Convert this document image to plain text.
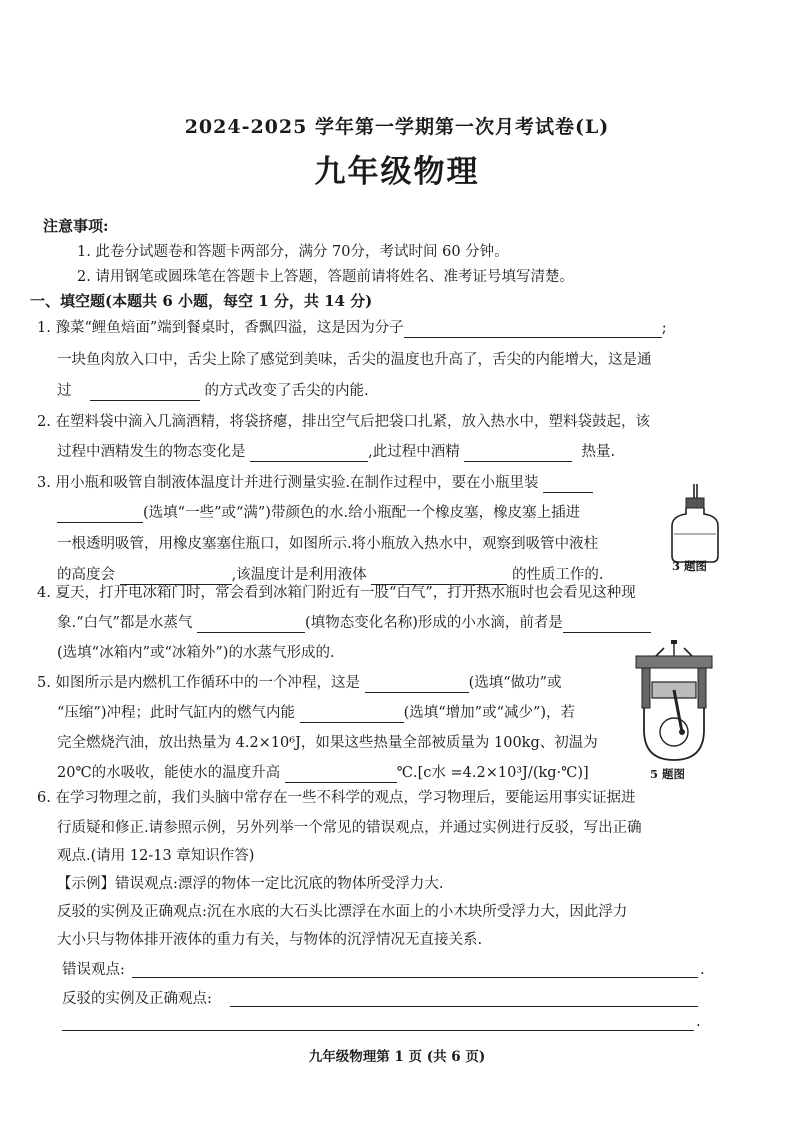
2024-2025 学年第一学期第一次月考试卷(L)
九年级物理
注意事项:
1. 此卷分试题卷和答题卡两部分，满分 70分，考试时间 60 分钟。
2. 请用钢笔或圆珠笔在答题卡上答题，答题前请将姓名、准考证号填写清楚。
一、填空题(本题共 6 小题，每空 1 分，共 14 分)
1. 豫菜“鲤鱼焙面”端到餐桌时，香飘四溢，这是因为分子	;
一块鱼肉放入口中，舌尖上除了感觉到美味，舌尖的温度也升高了，舌尖的内能增大，这是通
过	的方式改变了舌尖的内能.
2. 在塑料袋中滴入几滴酒精，将袋挤瘪，排出空气后把袋口扎紧，放入热水中，塑料袋鼓起，该
过程中酒精发生的物态变化是	,此过程中酒精	热量.
3. 用小瓶和吸管自制液体温度计并进行测量实验.在制作过程中，要在小瓶里装
(选填“一些”或“满”)带颜色的水.给小瓶配一个橡皮塞，橡皮塞上插进
一根透明吸管，用橡皮塞塞住瓶口，如图所示.将小瓶放入热水中，观察到吸管中液柱
的高度会	,该温度计是利用液体	的性质工作的.
3 题图
4. 夏天，打开电冰箱门时，常会看到冰箱门附近有一股“白气”，打开热水瓶时也会看见这种现
象.“白气”都是水蒸气	(填物态变化名称)形成的小水滴，前者是
(选填“冰箱内”或“冰箱外”)的水蒸气形成的.
5. 如图所示是内燃机工作循环中的一个冲程，这是	(选填“做功”或
“压缩”)冲程；此时气缸内的燃气内能	(选填“增加”或“减少”)，若
完全燃烧汽油，放出热量为 4.2×10⁶J，如果这些热量全部被质量为 100kg、初温为
20℃的水吸收，能使水的温度升高	℃.[c水 =4.2×10³J/(kg·℃)]	5 题图
6. 在学习物理之前，我们头脑中常存在一些不科学的观点，学习物理后，要能运用事实证据进
行质疑和修正.请参照示例，另外列举一个常见的错误观点，并通过实例进行反驳，写出正确
观点.(请用 12-13 章知识作答)
【示例】错误观点:漂浮的物体一定比沉底的物体所受浮力大.
反驳的实例及正确观点:沉在水底的大石头比漂浮在水面上的小木块所受浮力大，因此浮力
大小只与物体排开液体的重力有关，与物体的沉浮情况无直接关系.
错误观点:	.
反驳的实例及正确观点:
.
九年级物理第 1 页 (共 6 页)
